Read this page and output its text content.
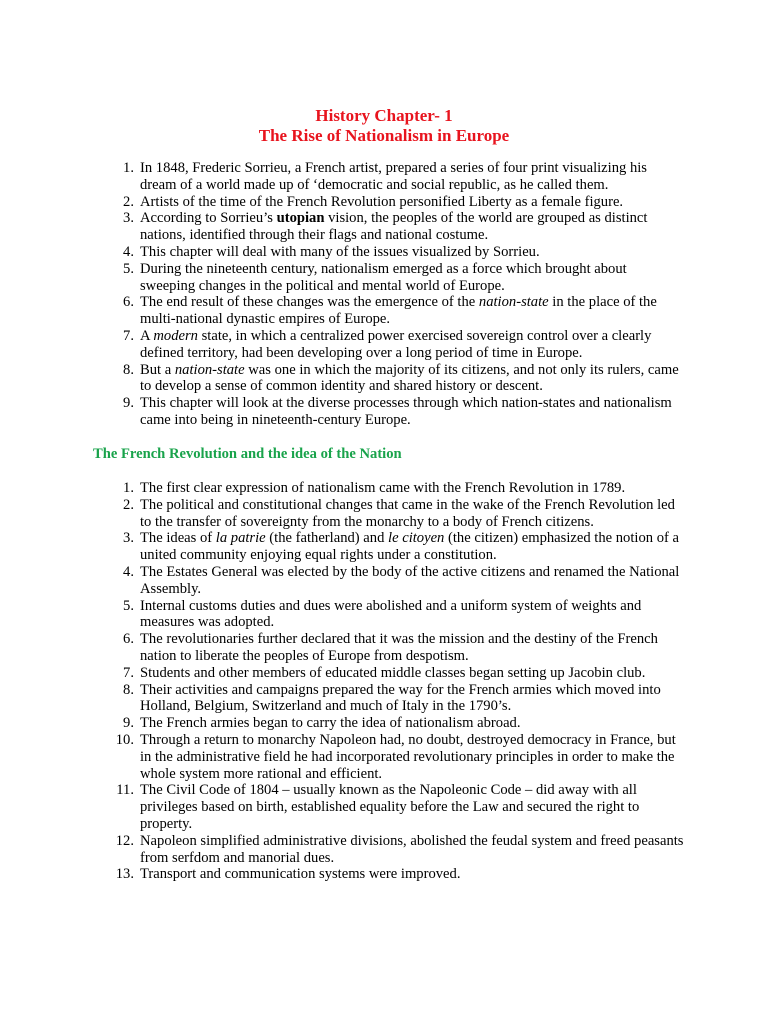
History Chapter- 1
The Rise of Nationalism in Europe
1. In 1848, Frederic Sorrieu, a French artist, prepared a series of four print visualizing his dream of a world made up of ‘democratic and social republic, as he called them.
2. Artists of the time of the French Revolution personified Liberty as a female figure.
3. According to Sorrieu’s utopian vision, the peoples of the world are grouped as distinct nations, identified through their flags and national costume.
4. This chapter will deal with many of the issues visualized by Sorrieu.
5. During the nineteenth century, nationalism emerged as a force which brought about sweeping changes in the political and mental world of Europe.
6. The end result of these changes was the emergence of the nation-state in the place of the multi-national dynastic empires of Europe.
7. A modern state, in which a centralized power exercised sovereign control over a clearly defined territory, had been developing over a long period of time in Europe.
8. But a nation-state was one in which the majority of its citizens, and not only its rulers, came to develop a sense of common identity and shared history or descent.
9. This chapter will look at the diverse processes through which nation-states and nationalism came into being in nineteenth-century Europe.
The French Revolution and the idea of the Nation
1. The first clear expression of nationalism came with the French Revolution in 1789.
2. The political and constitutional changes that came in the wake of the French Revolution led to the transfer of sovereignty from the monarchy to a body of French citizens.
3. The ideas of la patrie (the fatherland) and le citoyen (the citizen) emphasized the notion of a united community enjoying equal rights under a constitution.
4. The Estates General was elected by the body of the active citizens and renamed the National Assembly.
5. Internal customs duties and dues were abolished and a uniform system of weights and measures was adopted.
6. The revolutionaries further declared that it was the mission and the destiny of the French nation to liberate the peoples of Europe from despotism.
7. Students and other members of educated middle classes began setting up Jacobin club.
8. Their activities and campaigns prepared the way for the French armies which moved into Holland, Belgium, Switzerland and much of Italy in the 1790’s.
9. The French armies began to carry the idea of nationalism abroad.
10. Through a return to monarchy Napoleon had, no doubt, destroyed democracy in France, but in the administrative field he had incorporated revolutionary principles in order to make the whole system more rational and efficient.
11. The Civil Code of 1804 – usually known as the Napoleonic Code – did away with all privileges based on birth, established equality before the Law and secured the right to property.
12. Napoleon simplified administrative divisions, abolished the feudal system and freed peasants from serfdom and manorial dues.
13. Transport and communication systems were improved.
